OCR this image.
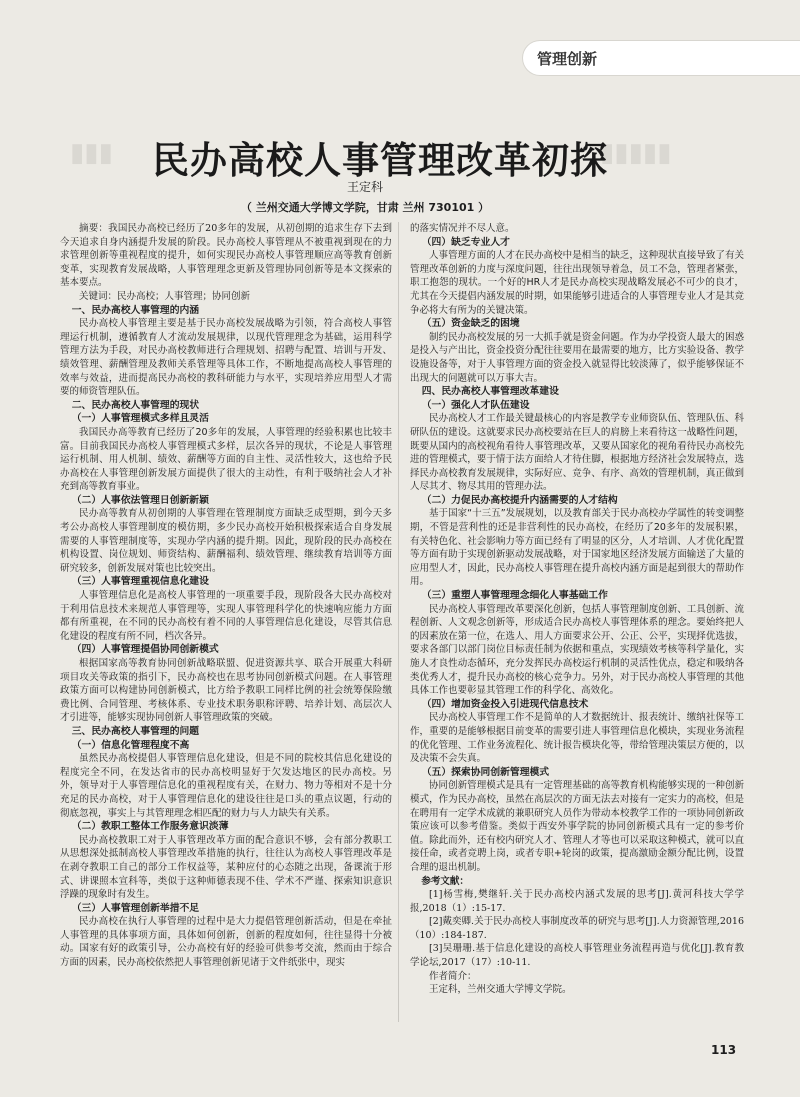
▮▮▮▮▮
▮▮▮
管理创新
民办高校人事管理改革初探
王定科
（ 兰州交通大学博文学院，甘肃 兰州 730101 ）

摘要：我国民办高校已经历了20多年的发展，从初创期的追求生存下去到今天追求自身内涵提升发展的阶段。民办高校人事管理从不被重视到现在的力求管理创新等重视程度的提升，如何实现民办高校人事管理顺应高等教育创新变革，实现教育发展战略，人事管理理念更新及管理协同创新等是本文探索的基本要点。

关键词：民办高校；人事管理；协同创新

一、民办高校人事管理的内涵

民办高校人事管理主要是基于民办高校发展战略为引领，符合高校人事管理运行机制，遵循教育人才流动发展规律，以现代管理理念为基础，运用科学管理方法为手段，对民办高校教师进行合理规划、招聘与配置、培训与开发、绩效管理、薪酬管理及教师关系管理等具体工作，不断地提高高校人事管理的效率与效益，进而提高民办高校的教科研能力与水平，实现培养应用型人才需要的师资管理队伍。

二、民办高校人事管理的现状
（一）人事管理模式多样且灵活

我国民办高等教育已经历了20多年的发展，人事管理的经验积累也比较丰富。目前我国民办高校人事管理模式多样，层次各异的现状，不论是人事管理运行机制、用人机制、绩效、薪酬等方面的自主性、灵活性较大，这也给予民办高校在人事管理创新发展方面提供了很大的主动性，有利于吸纳社会人才补充到高等教育事业。

（二）人事依法管理日创新新颖

民办高等教育从初创期的人事管理在管理制度方面缺乏成型期，到今天多考公办高校人事管理制度的模仿期，多少民办高校开始积极探索适合自身发展需要的人事管理制度等，实现办学内涵的提升期。因此，现阶段的民办高校在机构设置、岗位规划、师资结构、薪酬福利、绩效管理、继续教育培训等方面研究较多，创新发展对策也比较突出。

（三）人事管理重视信息化建设

人事管理信息化是高校人事管理的一项重要手段，现阶段各大民办高校对于利用信息技术来规范人事管理等，实现人事管理科学化的快速响应能力方面都有所重视，在不同的民办高校有着不同的人事管理信息化建设，尽管其信息化建设的程度有所不同，档次各异。

（四）人事管理提倡协同创新模式

根据国家高等教育协同创新战略联盟、促进资源共享、联合开展重大科研项目攻关等政策的指引下，民办高校也在思考协同创新模式问题。在人事管理政策方面可以构建协同创新模式，比方给予教职工同样比例的社会统筹保险缴费比例、合同管理、考核体系、专业技术职务职称评聘、培养计划、高层次人才引进等，能够实现协同创新人事管理政策的突破。

三、民办高校人事管理的问题
（一）信息化管理程度不高

虽然民办高校提倡人事管理信息化建设，但是不同的院校其信息化建设的程度完全不同，在发达省市的民办高校明显好于欠发达地区的民办高校。另外，领导对于人事管理信息化的重视程度有关，在财力、物力等相对不是十分充足的民办高校，对于人事管理信息化的建设往往是口头的重点议题，行动的彻底忽视，事实上与其管理理念相匹配的财力与人力缺失有关系。

（二）教职工整体工作服务意识淡薄

民办高校教职工对于人事管理改革方面的配合意识不够，会有部分教职工从思想深处抵制高校人事管理改革措施的执行，往往认为高校人事管理改革是在剥夺教职工自己的部分工作权益等，某种应付的心态随之出现，备课流于形式、讲课照本宣科等，类似于这种师德表现不佳、学术不严谨、探索知识意识浮躁的现象时有发生。

（三）人事管理创新举措不足

民办高校在执行人事管理的过程中是大力提倡管理创新活动，但是在牵扯人事管理的具体事项方面，具体如何创新，创新的程度如何，往往显得十分被动。国家有好的政策引导，公办高校有好的经验可供参考交流，然而由于综合方面的因素，民办高校依然把人事管理创新见诸于文件纸张中，现实

的落实情况并不尽人意。

（四）缺乏专业人才

人事管理方面的人才在民办高校中是相当的缺乏，这种现状直接导致了有关管理改革创新的力度与深度问题，往往出现领导着急，员工不急，管理者紧张，职工抱怨的现状。一个好的HR人才是民办高校实现战略发展必不可少的良才，尤其在今天提倡内涵发展的时期，如果能够引进适合的人事管理专业人才是其竞争必将大有所为的关键决策。

（五）资金缺乏的困境

制约民办高校发展的另一大抓手就是资金问题。作为办学投资人最大的困惑是投入与产出比，资金投资分配往往要用在最需要的地方，比方实验设备、教学设施设备等，对于人事管理方面的资金投入就显得比较淡薄了，似乎能够保证不出现大的问题就可以万事大吉。

四、民办高校人事管理改革建设
（一）强化人才队伍建设

民办高校人才工作最关键最核心的内容是教学专业师资队伍、管理队伍、科研队伍的建设。这就要求民办高校要站在巨人的肩膀上来看待这一战略性问题，既要从国内的高校视角看待人事管理改革，又要从国家化的视角看待民办高校先进的管理模式，要于情于法方面给人才待住脚，根据地方经济社会发展特点，选择民办高校教育发展规律，实际好应、竞争、有序、高效的管理机制，真正做到人尽其才、物尽其用的管理办法。

（二）力促民办高校提升内涵需要的人才结构

基于国家“十三五”发展规划，以及教育部关于民办高校办学属性的转变调整期，不管是营利性的还是非营利性的民办高校，在经历了20多年的发展积累，有关特色化、社会影响力等方面已经有了明显的区分，人才培训、人才优化配置等方面有助于实现创新驱动发展战略，对于国家地区经济发展方面输送了大量的应用型人才，因此，民办高校人事管理在提升高校内涵方面是起到很大的帮助作用。

（三）重塑人事管理理念细化人事基础工作

民办高校人事管理改革要深化创新，包括人事管理制度创新、工具创新、流程创新、人文观念创新等，形成适合民办高校人事管理体系的理念。要始终把人的因素放在第一位，在选人、用人方面要求公开、公正、公平，实现择优选拔，要求各部门以部门岗位目标责任制为依据和重点，实现绩效考核等科学量化，实施人才良性动态循环，充分发挥民办高校运行机制的灵活性优点，稳定和吸纳各类优秀人才，提升民办高校的核心竞争力。另外，对于民办高校人事管理的其他具体工作也要彰显其管理工作的科学化、高效化。

（四）增加资金投入引进现代信息技术

民办高校人事管理工作不是简单的人才数据统计、报表统计、缴纳社保等工作，重要的是能够根据目前变革的需要引进人事管理信息化模块，实现业务流程的优化管理、工作业务流程化、统计报告模块化等，带给管理决策层方便的，以及决策不会失真。

（五）探索协同创新管理模式

协同创新管理模式是具有一定管理基础的高等教育机构能够实现的一种创新模式，作为民办高校，虽然在高层次的方面无法去对接有一定实力的高校，但是在聘用有一定学术成就的兼职研究人员作为带动本校教学工作的一项协同创新政策应该可以参考借鉴。类似于西安外事学院的协同创新模式具有一定的参考价值。除此而外，还有校内研究人才、管理人才等也可以采取这种模式，就可以直接任命，或者竞聘上岗，或者专职+轮岗的政策，提高激励金额分配比例，设置合理的退出机制。

参考文献：

[1]杨雪梅,樊继轩.关于民办高校内涵式发展的思考[J].黄河科技大学学报,2018（1）:15-17.

[2]戴奕卿.关于民办高校人事制度改革的研究与思考[J].人力资源管理,2016（10）:184-187.

[3]吴珊珊.基于信息化建设的高校人事管理业务流程再造与优化[J].教育教学论坛,2017（17）:10-11.

作者简介：

王定科，兰州交通大学博文学院。

113
